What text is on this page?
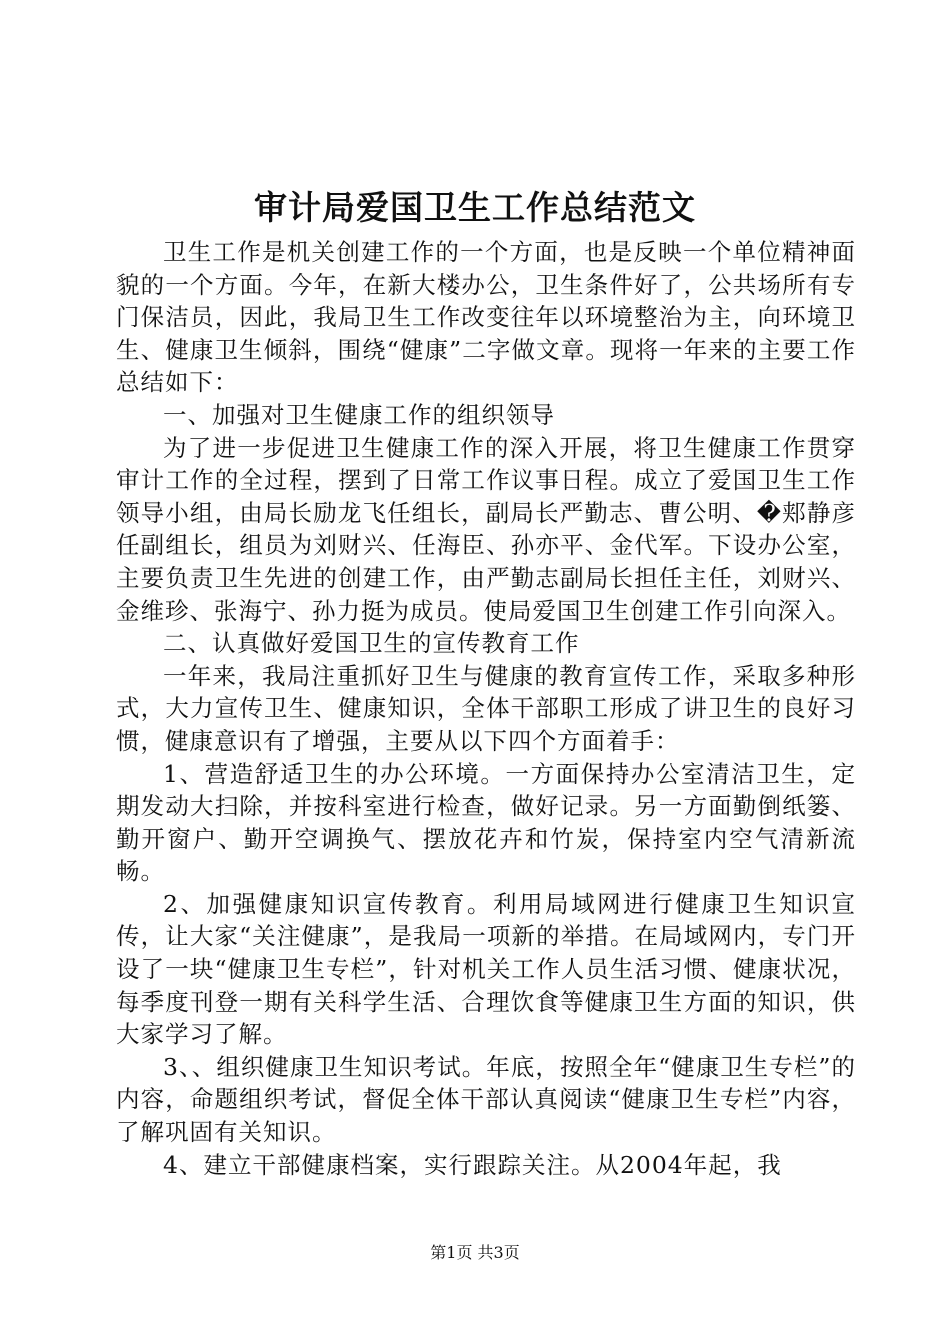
审计局爱国卫生工作总结范文

卫生工作是机关创建工作的一个方面，也是反映一个单位精神面貌的一个方面。今年，在新大楼办公，卫生条件好了，公共场所有专门保洁员，因此，我局卫生工作改变往年以环境整治为主，向环境卫生、健康卫生倾斜，围绕“健康”二字做文章。现将一年来的主要工作总结如下：

一、加强对卫生健康工作的组织领导

为了进一步促进卫生健康工作的深入开展，将卫生健康工作贯穿审计工作的全过程，摆到了日常工作议事日程。成立了爱国卫生工作领导小组，由局长励龙飞任组长，副局长严勤志、曹公明、�郏静彦任副组长，组员为刘财兴、任海臣、孙亦平、金代军。下设办公室，主要负责卫生先进的创建工作，由严勤志副局长担任主任，刘财兴、金维珍、张海宁、孙力挺为成员。使局爱国卫生创建工作引向深入。

二、认真做好爱国卫生的宣传教育工作

一年来，我局注重抓好卫生与健康的教育宣传工作，采取多种形式，大力宣传卫生、健康知识，全体干部职工形成了讲卫生的良好习惯，健康意识有了增强，主要从以下四个方面着手：

1、营造舒适卫生的办公环境。一方面保持办公室清洁卫生，定期发动大扫除，并按科室进行检查，做好记录。另一方面勤倒纸篓、勤开窗户、勤开空调换气、摆放花卉和竹炭，保持室内空气清新流畅。

2、加强健康知识宣传教育。利用局域网进行健康卫生知识宣传，让大家“关注健康”，是我局一项新的举措。在局域网内，专门开设了一块“健康卫生专栏”，针对机关工作人员生活习惯、健康状况，每季度刊登一期有关科学生活、合理饮食等健康卫生方面的知识，供大家学习了解。

3、、组织健康卫生知识考试。年底，按照全年“健康卫生专栏”的内容，命题组织考试，督促全体干部认真阅读“健康卫生专栏”内容，了解巩固有关知识。

4、建立干部健康档案，实行跟踪关注。从2004年起，我

第1页 共3页
